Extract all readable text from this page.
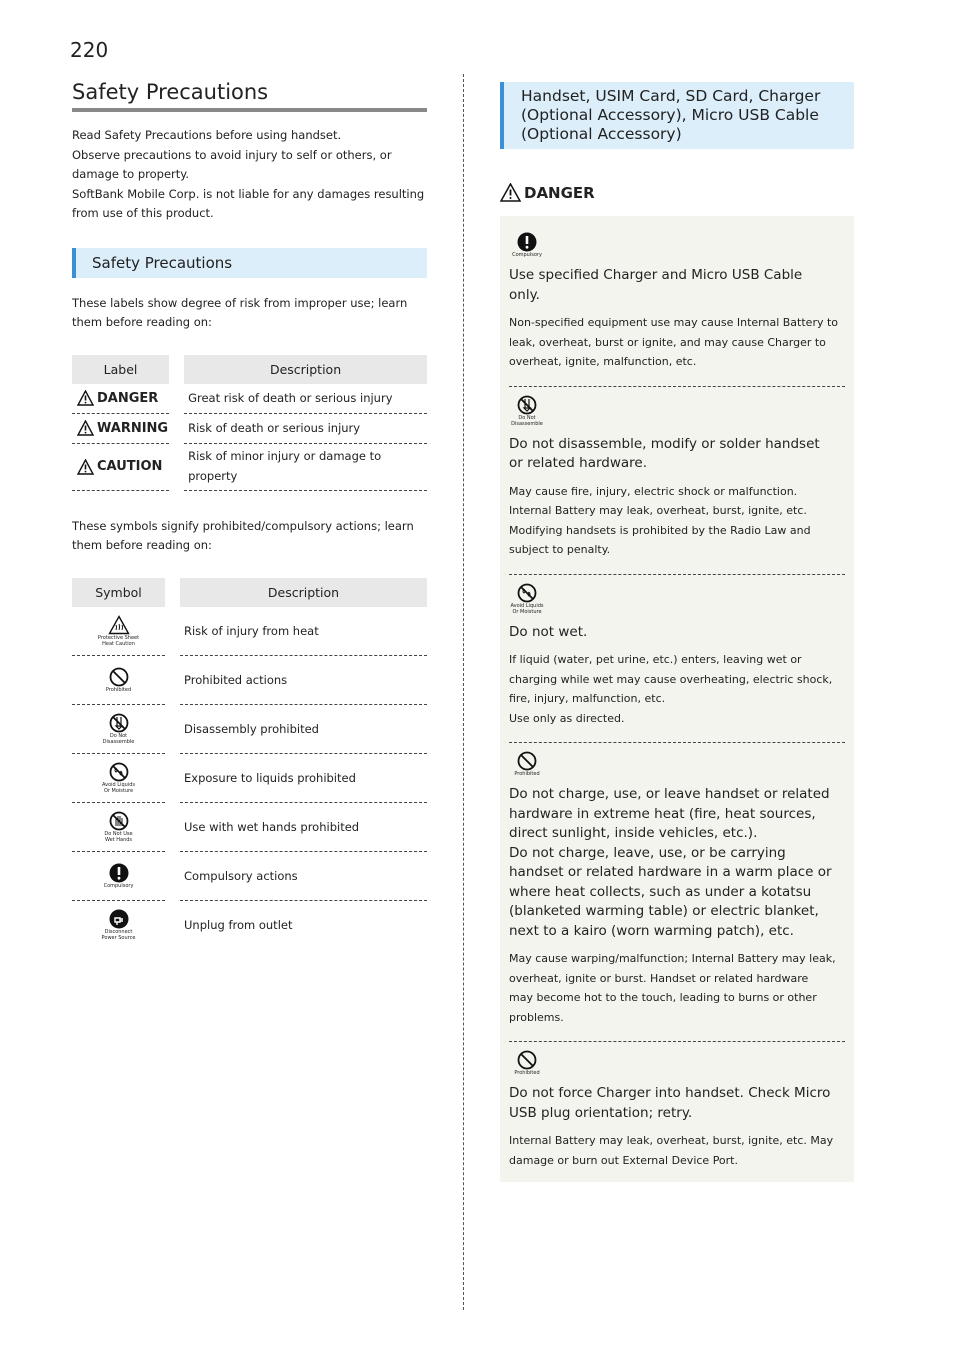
220
Safety Precautions
Read Safety Precautions before using handset.
Observe precautions to avoid injury to self or others, or
damage to property.
SoftBank Mobile Corp. is not liable for any damages resulting
from use of this product.
Safety Precautions
These labels show degree of risk from improper use; learn
them before reading on:
Label		Description

DANGER		Great risk of death or serious injury

WARNING		Risk of death or serious injury

CAUTION		Risk of minor injury or damage to
property
These symbols signify prohibited/compulsory actions; learn
them before reading on:
Symbol		Description

Protective Sheet
Heat Caution		Risk of injury from heat

Prohibited		Prohibited actions

Do Not
Disassemble		Disassembly prohibited

Avoid Liquids
Or Moisture		Exposure to liquids prohibited

Do Not Use
Wet Hands		Use with wet hands prohibited

Compulsory		Compulsory actions

Disconnect
Power Source		Unplug from outlet
Handset, USIM Card, SD Card, Charger
(Optional Accessory), Micro USB Cable
(Optional Accessory)
DANGER
Compulsory
Use specified Charger and Micro USB Cable
only.
Non-specified equipment use may cause Internal Battery to
leak, overheat, burst or ignite, and may cause Charger to
overheat, ignite, malfunction, etc.
Do Not
Disassemble
Do not disassemble, modify or solder handset
or related hardware.
May cause fire, injury, electric shock or malfunction.
Internal Battery may leak, overheat, burst, ignite, etc.
Modifying handsets is prohibited by the Radio Law and
subject to penalty.
Avoid Liquids
Or Moisture
Do not wet.
If liquid (water, pet urine, etc.) enters, leaving wet or
charging while wet may cause overheating, electric shock,
fire, injury, malfunction, etc.
Use only as directed.
Prohibited
Do not charge, use, or leave handset or related
hardware in extreme heat (fire, heat sources,
direct sunlight, inside vehicles, etc.).
Do not charge, leave, use, or be carrying
handset or related hardware in a warm place or
where heat collects, such as under a kotatsu
(blanketed warming table) or electric blanket,
next to a kairo (worn warming patch), etc.
May cause warping/malfunction; Internal Battery may leak,
overheat, ignite or burst. Handset or related hardware
may become hot to the touch, leading to burns or other
problems.
Prohibited
Do not force Charger into handset. Check Micro
USB plug orientation; retry.
Internal Battery may leak, overheat, burst, ignite, etc. May
damage or burn out External Device Port.
